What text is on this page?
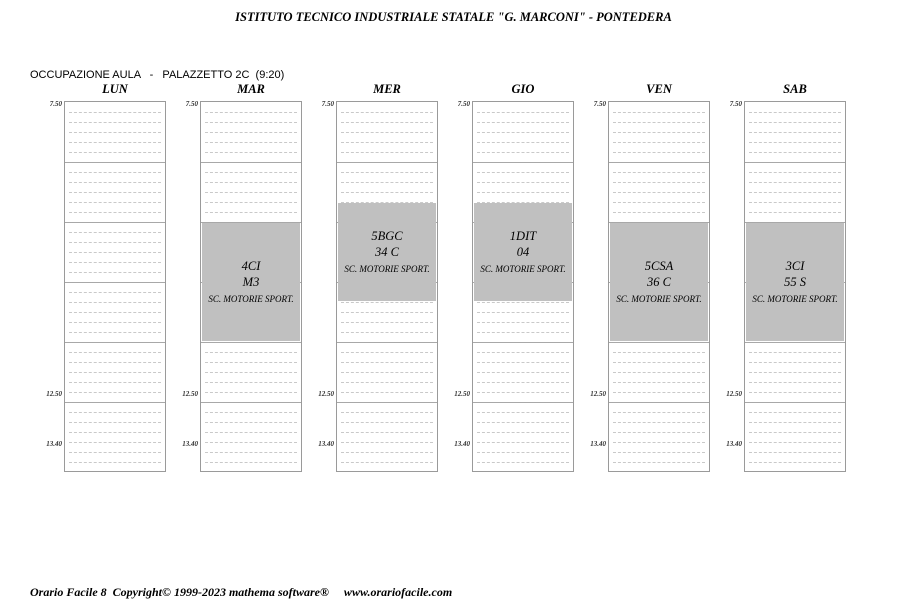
ISTITUTO TECNICO INDUSTRIALE STATALE "G. MARCONI" - PONTEDERA
OCCUPAZIONE AULA   -   PALAZZETTO 2C  (9:20)
LUN
7.50
12.50
13.40
MAR
4CI
M3
SC. MOTORIE SPORT.
7.50
12.50
13.40
MER
5BGC
34 C
SC. MOTORIE SPORT.
7.50
12.50
13.40
GIO
1DIT
04
SC. MOTORIE SPORT.
7.50
12.50
13.40
VEN
5CSA
36 C
SC. MOTORIE SPORT.
7.50
12.50
13.40
SAB
3CI
55 S
SC. MOTORIE SPORT.
7.50
12.50
13.40
Orario Facile 8  Copyright© 1999-2023 mathema software®     www.orariofacile.com
